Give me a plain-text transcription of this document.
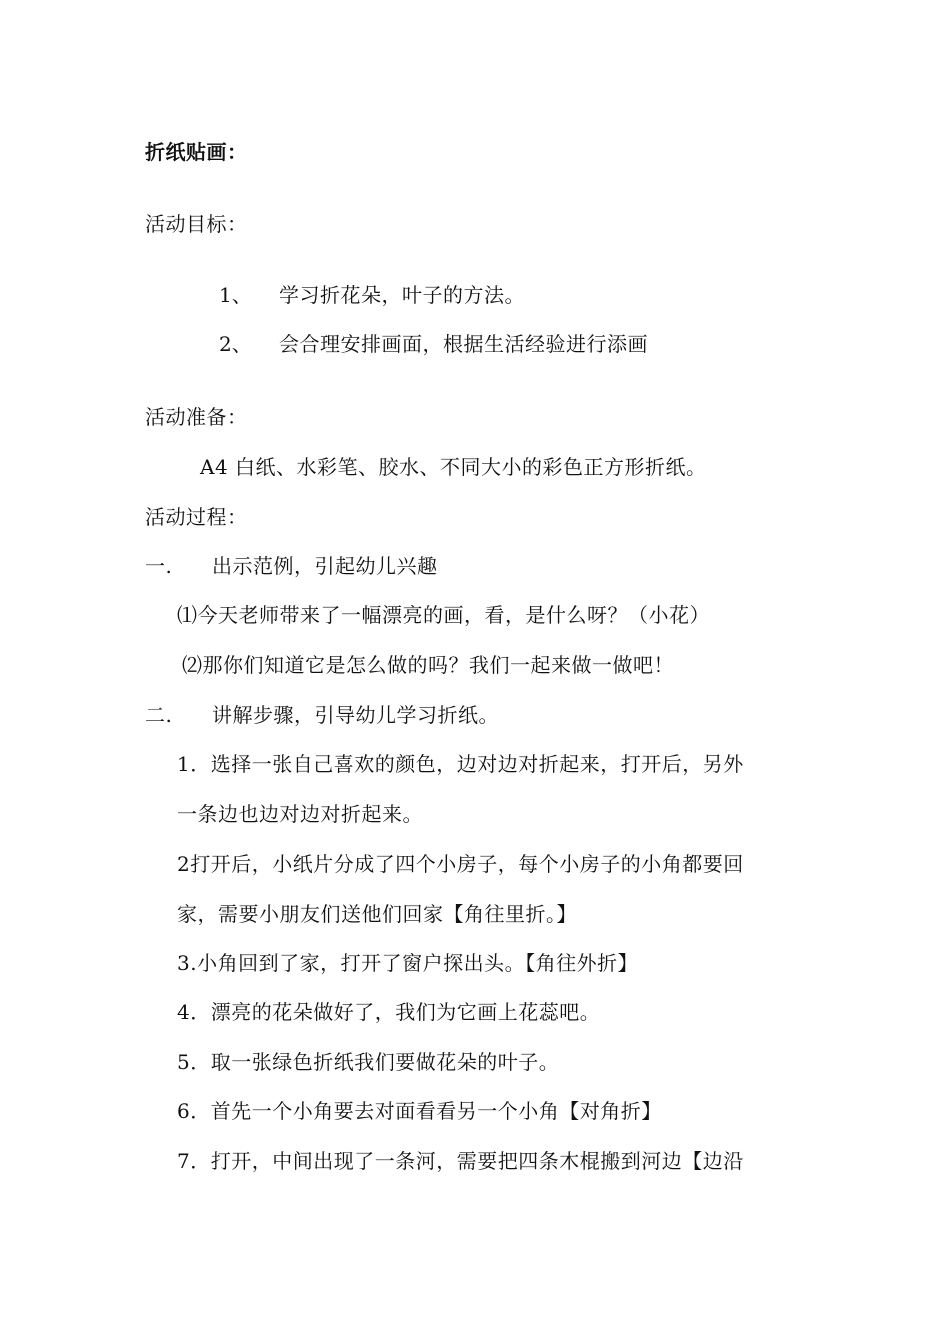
折纸贴画：
活动目标：
1、 学习折花朵，叶子的方法。
2、 会合理安排画面，根据生活经验进行添画
活动准备：
A4 白纸、水彩笔、胶水、不同大小的彩色正方形折纸。
活动过程：
一. 出示范例，引起幼儿兴趣
⑴今天老师带来了一幅漂亮的画，看，是什么呀？（小花）
⑵那你们知道它是怎么做的吗？我们一起来做一做吧！
二. 讲解步骤，引导幼儿学习折纸。
1．选择一张自己喜欢的颜色，边对边对折起来，打开后，另外
一条边也边对边对折起来。
2打开后，小纸片分成了四个小房子，每个小房子的小角都要回
家，需要小朋友们送他们回家【角往里折。】
3.小角回到了家，打开了窗户探出头。【角往外折】
4．漂亮的花朵做好了，我们为它画上花蕊吧。
5．取一张绿色折纸我们要做花朵的叶子。
6．首先一个小角要去对面看看另一个小角【对角折】
7．打开，中间出现了一条河，需要把四条木棍搬到河边【边沿
